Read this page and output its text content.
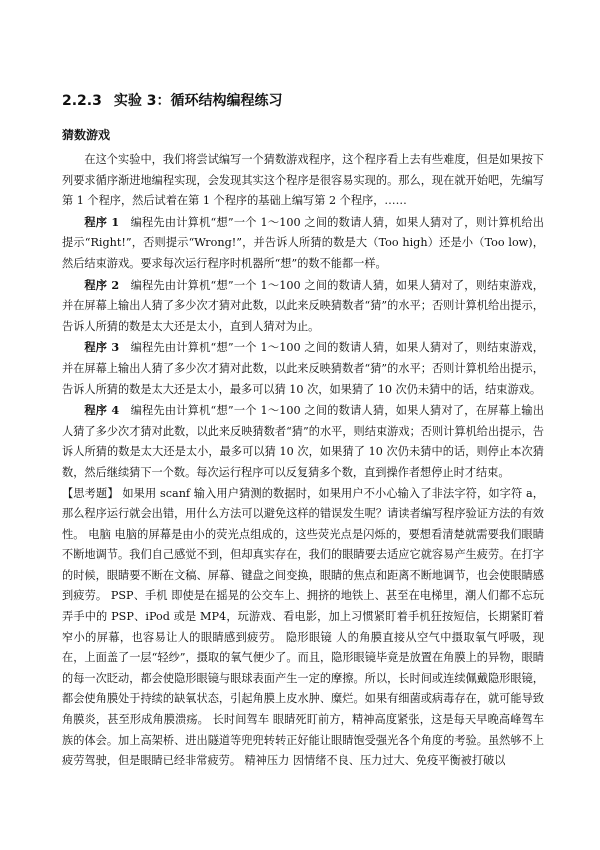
2.2.3 实验 3：循环结构编程练习
猜数游戏

在这个实验中，我们将尝试编写一个猜数游戏程序，这个程序看上去有些难度，但是如果按下列要求循序渐进地编程实现，会发现其实这个程序是很容易实现的。那么，现在就开始吧，先编写第 1 个程序，然后试着在第 1 个程序的基础上编写第 2 个程序，……

程序 1  编程先由计算机“想”一个 1～100 之间的数请人猜，如果人猜对了，则计算机给出提示“Right!”，否则提示“Wrong!”，并告诉人所猜的数是大（Too high）还是小（Too low)，然后结束游戏。要求每次运行程序时机器所“想”的数不能都一样。

程序 2  编程先由计算机“想”一个 1～100 之间的数请人猜，如果人猜对了，则结束游戏，并在屏幕上输出人猜了多少次才猜对此数，以此来反映猜数者“猜”的水平；否则计算机给出提示，告诉人所猜的数是太大还是太小，直到人猜对为止。

程序 3  编程先由计算机“想”一个 1～100 之间的数请人猜，如果人猜对了，则结束游戏，并在屏幕上输出人猜了多少次才猜对此数，以此来反映猜数者“猜”的水平；否则计算机给出提示，告诉人所猜的数是太大还是太小，最多可以猜 10 次，如果猜了 10 次仍未猜中的话，结束游戏。

程序 4  编程先由计算机“想”一个 1～100 之间的数请人猜，如果人猜对了，在屏幕上输出人猜了多少次才猜对此数，以此来反映猜数者“猜”的水平，则结束游戏；否则计算机给出提示，告诉人所猜的数是太大还是太小，最多可以猜 10 次，如果猜了 10 次仍未猜中的话，则停止本次猜数，然后继续猜下一个数。每次运行程序可以反复猜多个数，直到操作者想停止时才结束。

【思考题】 如果用 scanf 输入用户猜测的数据时，如果用户不小心输入了非法字符，如字符 a，那么程序运行就会出错，用什么方法可以避免这样的错误发生呢？请读者编写程序验证方法的有效性。 电脑 电脑的屏幕是由小的荧光点组成的，这些荧光点是闪烁的，要想看清楚就需要我们眼睛不断地调节。我们自己感觉不到，但却真实存在，我们的眼睛要去适应它就容易产生疲劳。在打字的时候，眼睛要不断在文稿、屏幕、键盘之间变换，眼睛的焦点和距离不断地调节，也会使眼睛感到疲劳。 PSP、手机 即使是在摇晃的公交车上、拥挤的地铁上、甚至在电梯里，潮人们都不忘玩弄手中的 PSP、iPod 或是 MP4，玩游戏、看电影，加上习惯紧盯着手机狂按短信，长期紧盯着窄小的屏幕，也容易让人的眼睛感到疲劳。 隐形眼镜 人的角膜直接从空气中摄取氧气呼吸，现在，上面盖了一层“轻纱”，摄取的氧气便少了。而且，隐形眼镜毕竟是放置在角膜上的异物，眼睛的每一次眨动，都会使隐形眼镜与眼球表面产生一定的摩擦。所以，长时间或连续佩戴隐形眼镜，都会使角膜处于持续的缺氧状态，引起角膜上皮水肿、糜烂。如果有细菌或病毒存在，就可能导致角膜炎，甚至形成角膜溃疡。 长时间驾车 眼睛死盯前方，精神高度紧张，这是每天早晚高峰驾车族的体会。加上高架桥、进出隧道等兜兜转转正好能让眼睛饱受强光各个角度的考验。虽然够不上疲劳驾驶，但是眼睛已经非常疲劳。 精神压力 因情绪不良、压力过大、免疫平衡被打破以
